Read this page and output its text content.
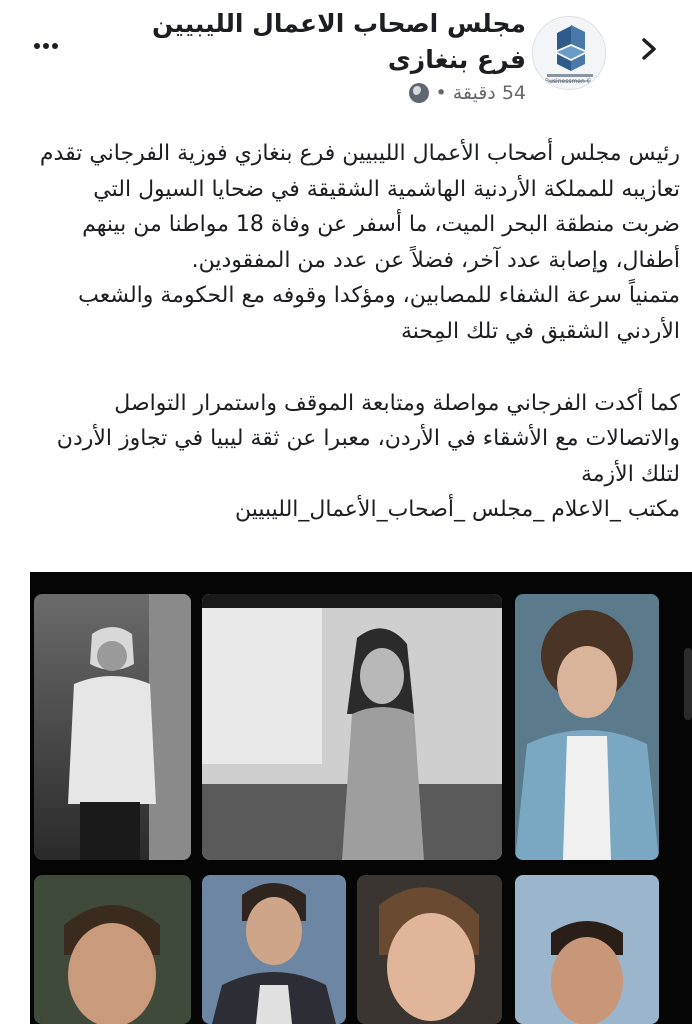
مجلس اصحاب الاعمال الليبيين فرع بنغازى
54 دقيقة
•
Businessmen C

رئيس مجلس أصحاب الأعمال الليبيين فرع بنغازي فوزية الفرجاني تقدم تعازيبه للمملكة الأردنية الهاشمية الشقيقة في ضحايا السيول التي ضربت منطقة البحر الميت، ما أسفر عن وفاة 18 مواطنا من بينهم أطفال، وإصابة عدد آخر، فضلاً عن عدد من المفقودين.

متمنياً سرعة الشفاء للمصابين، ومؤكدا وقوفه مع الحكومة والشعب الأردني الشقيق في تلك المِحنة

كما أكدت الفرجاني مواصلة ومتابعة الموقف واستمرار التواصل والاتصالات مع الأشقاء في الأردن، معبرا عن ثقة ليبيا في تجاوز الأردن لتلك الأزمة

مكتب _الاعلام _مجلس _أصحاب_الأعمال_الليبيين
